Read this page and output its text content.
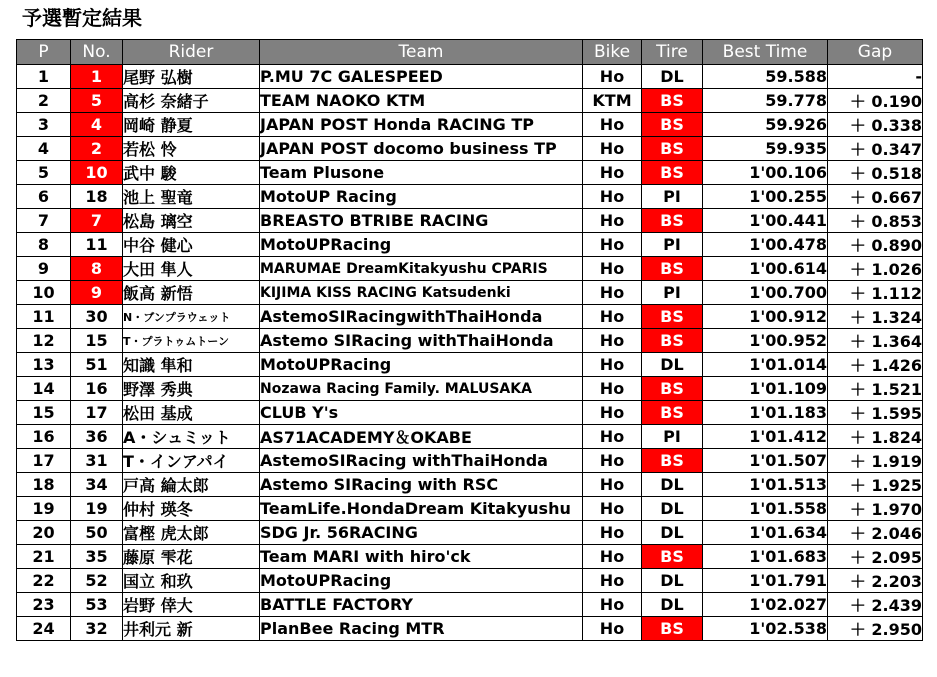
予選暫定結果
P	No.	Rider	Team	Bike	Tire	Best Time	Gap
1	1	尾野 弘樹	P.MU 7C GALESPEED	Ho	DL	59.588	-
2	5	高杉 奈緒子	TEAM NAOKO KTM	KTM	BS	59.778	＋ 0.190
3	4	岡崎 静夏	JAPAN POST Honda RACING TP	Ho	BS	59.926	＋ 0.338
4	2	若松 怜	JAPAN POST docomo business TP	Ho	BS	59.935	＋ 0.347
5	10	武中 駿	Team Plusone	Ho	BS	1'00.106	＋ 0.518
6	18	池上 聖竜	MotoUP Racing	Ho	PI	1'00.255	＋ 0.667
7	7	松島 璃空	BREASTO BTRIBE RACING	Ho	BS	1'00.441	＋ 0.853
8	11	中谷 健心	MotoUPRacing	Ho	PI	1'00.478	＋ 0.890
9	8	大田 隼人	MARUMAE DreamKitakyushu CPARIS	Ho	BS	1'00.614	＋ 1.026
10	9	飯高 新悟	KIJIMA KISS RACING Katsudenki	Ho	PI	1'00.700	＋ 1.112
11	30	N・ブンプラウェット	AstemoSIRacingwithThaiHonda	Ho	BS	1'00.912	＋ 1.324
12	15	T・プラトゥムトーン	Astemo SIRacing withThaiHonda	Ho	BS	1'00.952	＋ 1.364
13	51	知識 隼和	MotoUPRacing	Ho	DL	1'01.014	＋ 1.426
14	16	野澤 秀典	Nozawa Racing Family. MALUSAKA	Ho	BS	1'01.109	＋ 1.521
15	17	松田 基成	CLUB Y's	Ho	BS	1'01.183	＋ 1.595
16	36	A・シュミット	AS71ACADEMY＆OKABE	Ho	PI	1'01.412	＋ 1.824
17	31	T・インアパイ	AstemoSIRacing withThaiHonda	Ho	BS	1'01.507	＋ 1.919
18	34	戸高 綸太郎	Astemo SIRacing with RSC	Ho	DL	1'01.513	＋ 1.925
19	19	仲村 瑛冬	TeamLife.HondaDream Kitakyushu	Ho	DL	1'01.558	＋ 1.970
20	50	富樫 虎太郎	SDG Jr. 56RACING	Ho	DL	1'01.634	＋ 2.046
21	35	藤原 雫花	Team MARI with hiro'ck	Ho	BS	1'01.683	＋ 2.095
22	52	国立 和玖	MotoUPRacing	Ho	DL	1'01.791	＋ 2.203
23	53	岩野 倖大	BATTLE FACTORY	Ho	DL	1'02.027	＋ 2.439
24	32	井利元 新	PlanBee Racing MTR	Ho	BS	1'02.538	＋ 2.950
